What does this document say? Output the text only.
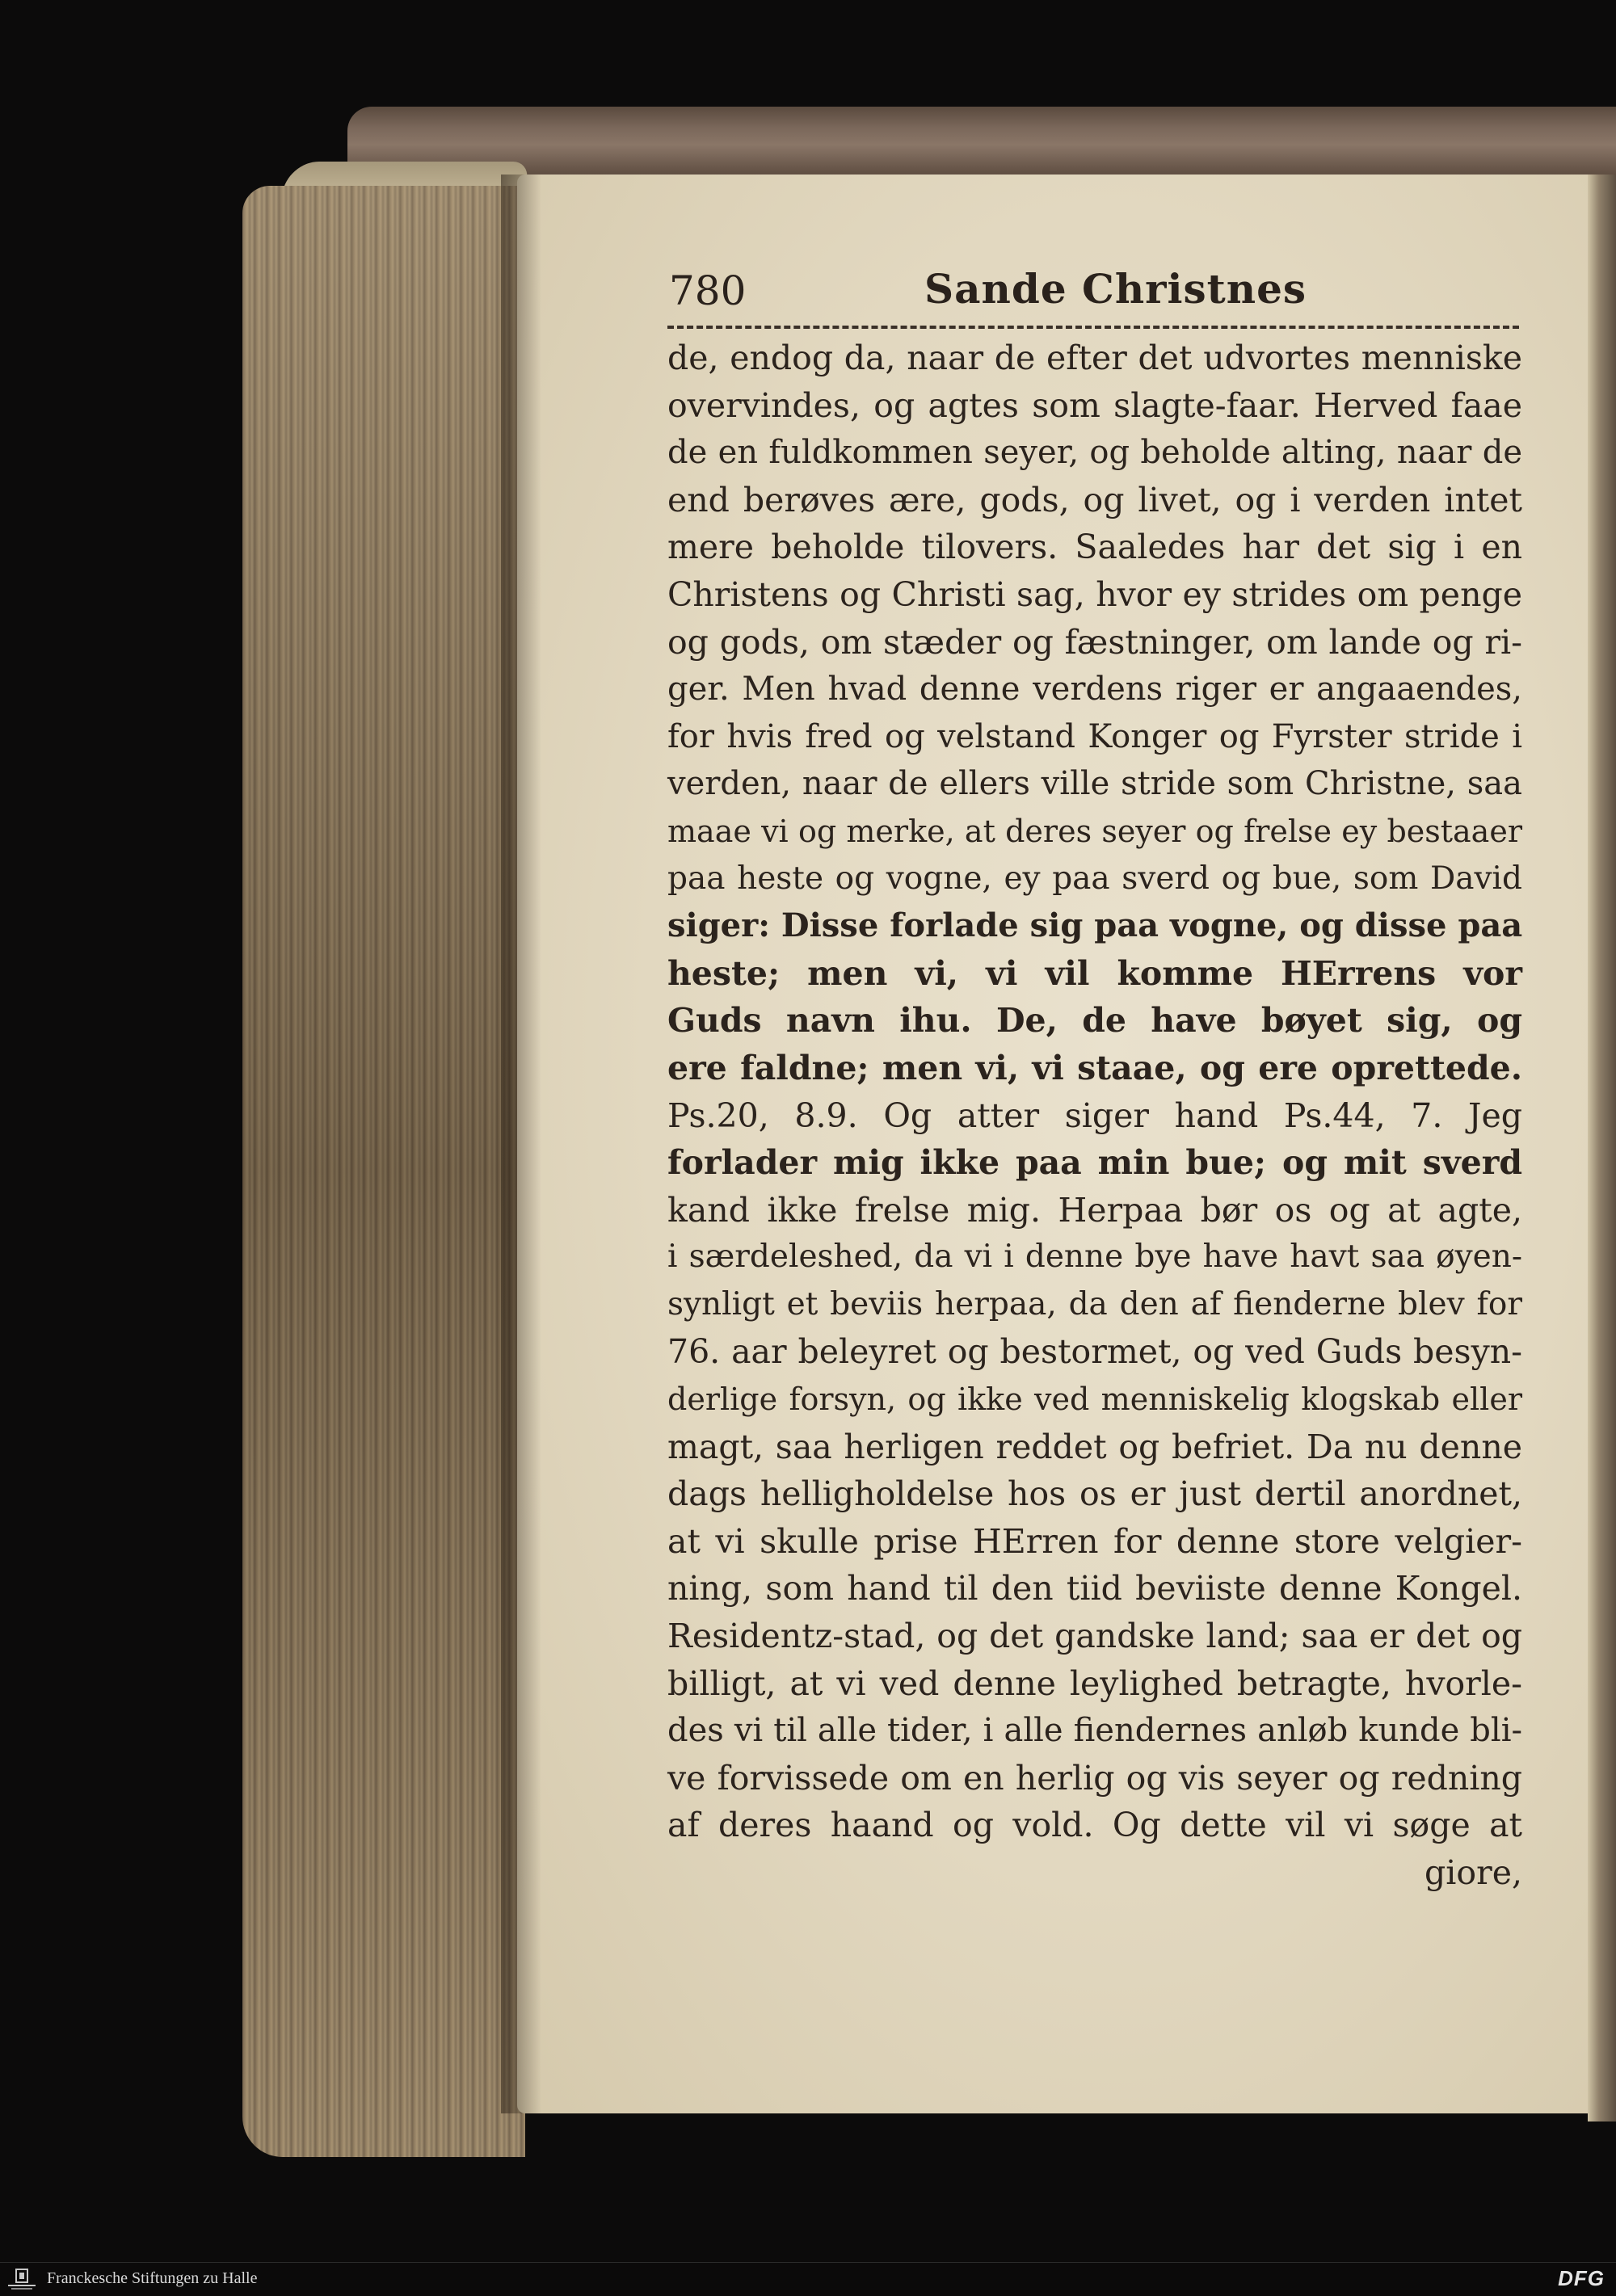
780	Sande Christnes
de, endog da, naar de efter det udvortes menniske
overvindes, og agtes som slagte-faar. Herved faae
de en fuldkommen seyer, og beholde alting, naar de
end berøves ære, gods, og livet, og i verden intet
mere beholde tilovers. Saaledes har det sig i en
Christens og Christi sag, hvor ey strides om penge
og gods, om stæder og fæstninger, om lande og ri-
ger. Men hvad denne verdens riger er angaaendes,
for hvis fred og velstand Konger og Fyrster stride i
verden, naar de ellers ville stride som Christne, saa
maae vi og merke, at deres seyer og frelse ey bestaaer
paa heste og vogne, ey paa sverd og bue, som David
siger: Disse forlade sig paa vogne, og disse paa
heste; men vi, vi vil komme HErrens vor
Guds navn ihu. De, de have bøyet sig, og
ere faldne; men vi, vi staae, og ere oprettede.
Ps.20, 8.9. Og atter siger hand Ps.44, 7. Jeg
forlader mig ikke paa min bue; og mit sverd
kand ikke frelse mig. Herpaa bør os og at agte,
i særdeleshed, da vi i denne bye have havt saa øyen-
synligt et beviis herpaa, da den af fienderne blev for
76. aar beleyret og bestormet, og ved Guds besyn-
derlige forsyn, og ikke ved menniskelig klogskab eller
magt, saa herligen reddet og befriet. Da nu denne
dags helligholdelse hos os er just dertil anordnet,
at vi skulle prise HErren for denne store velgier-
ning, som hand til den tiid beviiste denne Kongel.
Residentz-stad, og det gandske land; saa er det og
billigt, at vi ved denne leylighed betragte, hvorle-
des vi til alle tider, i alle fiendernes anløb kunde bli-
ve forvissede om en herlig og vis seyer og redning
af deres haand og vold. Og dette vil vi søge at
giore,
Franckesche Stiftungen zu Halle	DFG
